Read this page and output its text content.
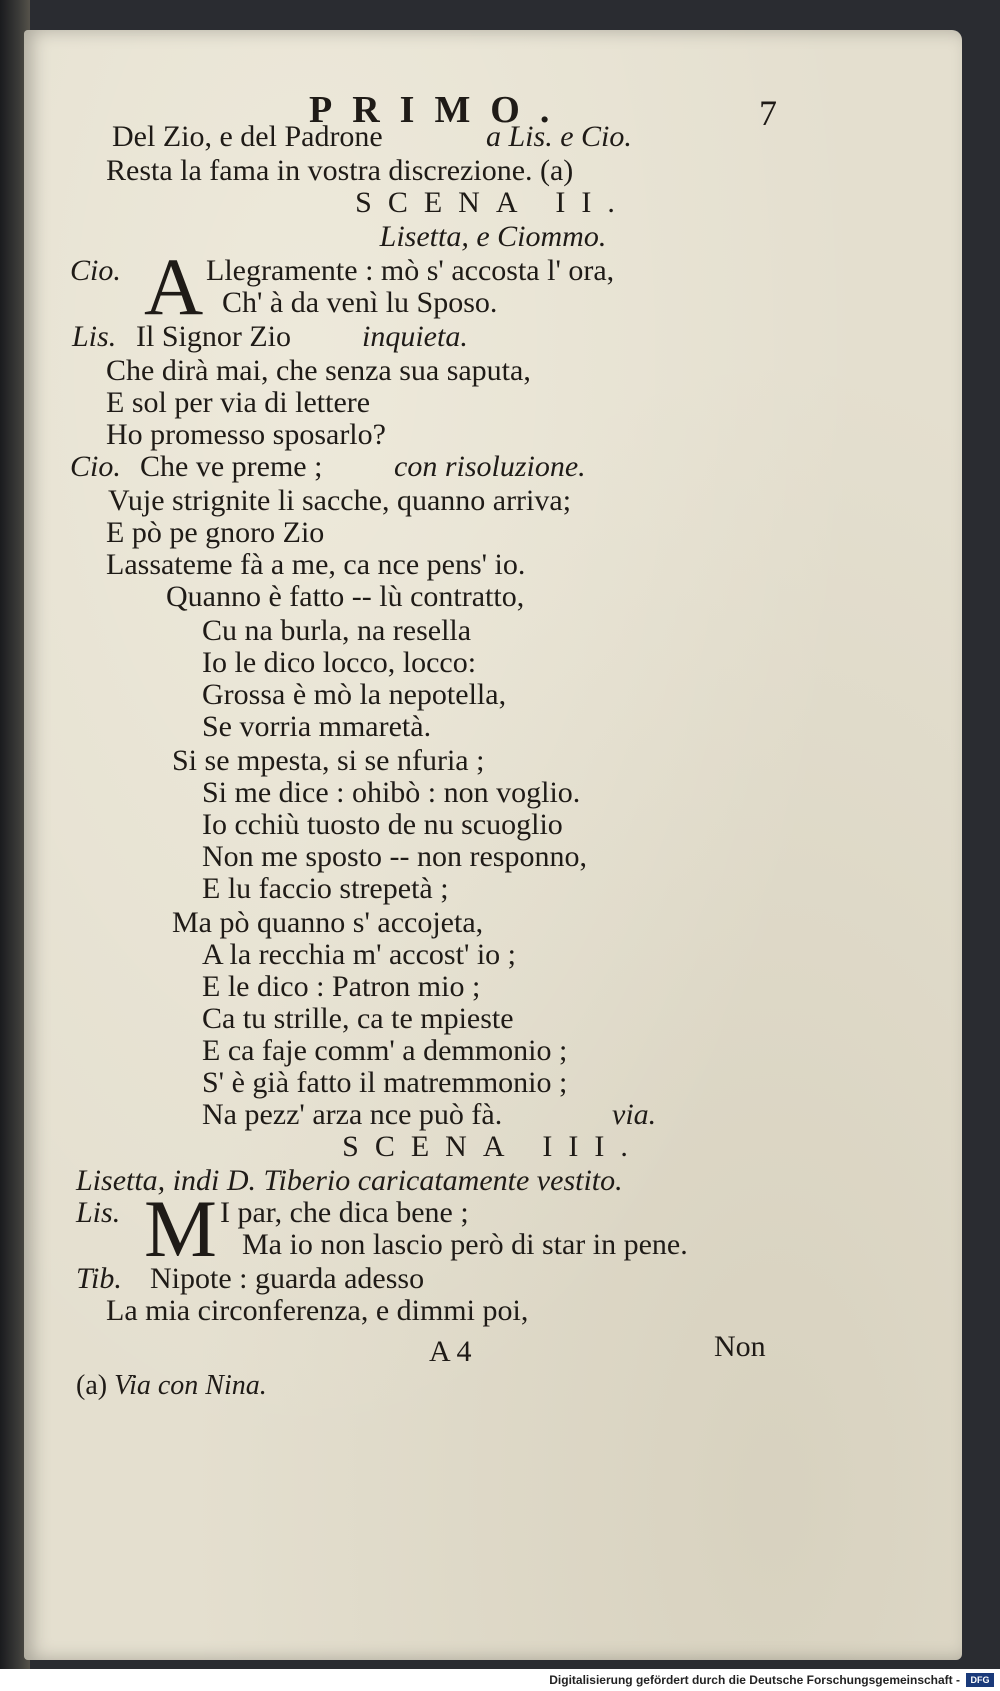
PRIMO.	7
Del Zio, e del Padrone	a Lis. e Cio.
Resta la fama in vostra discrezione. (a)
SCENA II.
Lisetta, e Ciommo.
Cio. A Llegramente : mò s' accosta l' ora,
Ch' à da venì lu Sposo.
Lis. Il Signor Zio inquieta.
Che dirà mai, che senza sua saputa,
E sol per via di lettere
Ho promesso sposarlo?
Cio. Che ve preme ; con risoluzione.
Vuje strignite li sacche, quanno arriva;
E pò pe gnoro Zio
Lassateme fà a me, ca nce pens' io.
Quanno è fatto -- lù contratto,
Cu na burla, na resella
Io le dico locco, locco:
Grossa è mò la nepotella,
Se vorria mmaretà.
Si se mpesta, si se nfuria ;
Si me dice : ohibò : non voglio.
Io cchiù tuosto de nu scuoglio
Non me sposto -- non responno,
E lu faccio strepetà ;
Ma pò quanno s' accojeta,
A la recchia m' accost' io ;
E le dico : Patron mio ;
Ca tu strille, ca te mpieste
E ca faje comm' a demmonio ;
S' è già fatto il matremmonio ;
Na pezz' arza nce può fà.	via.
SCENA III.
Lisetta, indi D. Tiberio caricatamente vestito.
Lis. M I par, che dica bene ;
Ma io non lascio però di star in pene.
Tib. Nipote : guarda adesso
La mia circonferenza, e dimmi poi,
A 4	Non
(a) Via con Nina.
Digitalisierung gefördert durch die Deutsche Forschungsgemeinschaft -	DFG
